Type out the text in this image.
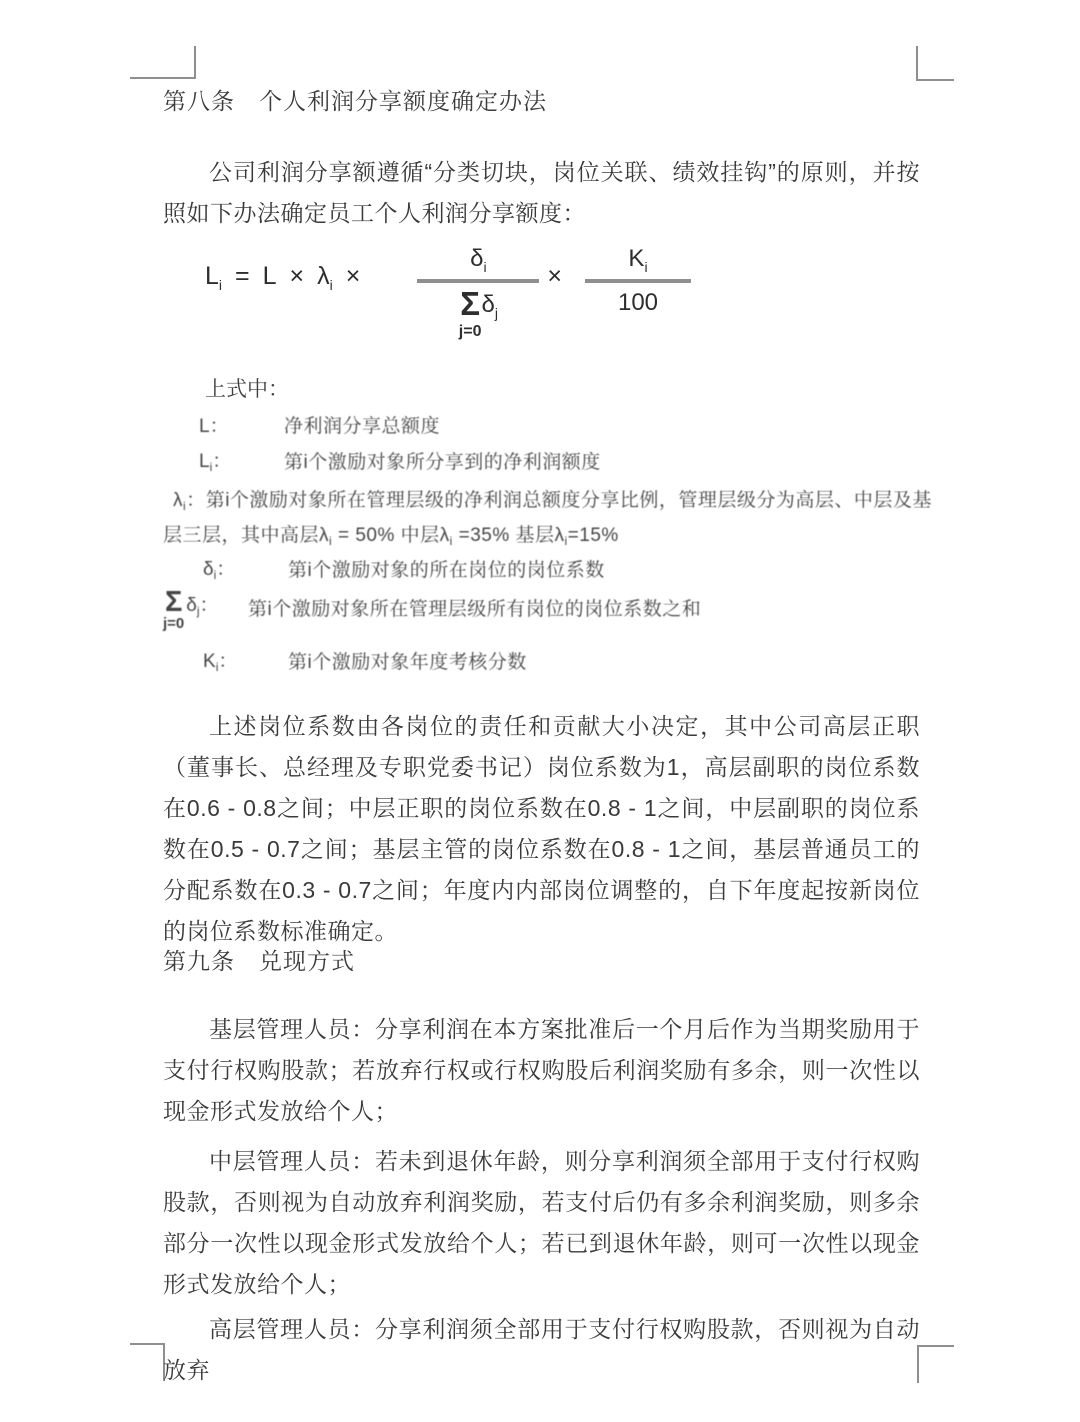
第八条　个人利润分享额度确定办法
公司利润分享额遵循“分类切块，岗位关联、绩效挂钩”的原则，并按照如下办法确定员工个人利润分享额度：
Li = L × λi × δi
Σ
j=0
$\delta j \times \frac{Ki}{100}$
上式中：
L：	净利润分享总额度
Li：	第i个激励对象所分享到的净利润额度
λi：第i个激励对象所在管理层级的净利润总额度分享比例，管理层级分为高层、中层及基层三层，其中高层λi = 50% 中层λi =35% 基层λi=15%
δi：	第i个激励对象的所在岗位的岗位系数
Σ
j=0
δj：	第i个激励对象所在管理层级所有岗位的岗位系数之和
Ki：	第i个激励对象年度考核分数
上述岗位系数由各岗位的责任和贡献大小决定，其中公司高层正职（董事长、总经理及专职党委书记）岗位系数为1，高层副职的岗位系数在0.6 - 0.8之间；中层正职的岗位系数在0.8 - 1之间，中层副职的岗位系数在0.5 - 0.7之间；基层主管的岗位系数在0.8 - 1之间，基层普通员工的分配系数在0.3 - 0.7之间；年度内内部岗位调整的，自下年度起按新岗位的岗位系数标准确定。
第九条　兑现方式
基层管理人员：分享利润在本方案批准后一个月后作为当期奖励用于支付行权购股款；若放弃行权或行权购股后利润奖励有多余，则一次性以现金形式发放给个人；
中层管理人员：若未到退休年龄，则分享利润须全部用于支付行权购股款，否则视为自动放弃利润奖励，若支付后仍有多余利润奖励，则多余部分一次性以现金形式发放给个人；若已到退休年龄，则可一次性以现金形式发放给个人；
高层管理人员：分享利润须全部用于支付行权购股款，否则视为自动放弃
